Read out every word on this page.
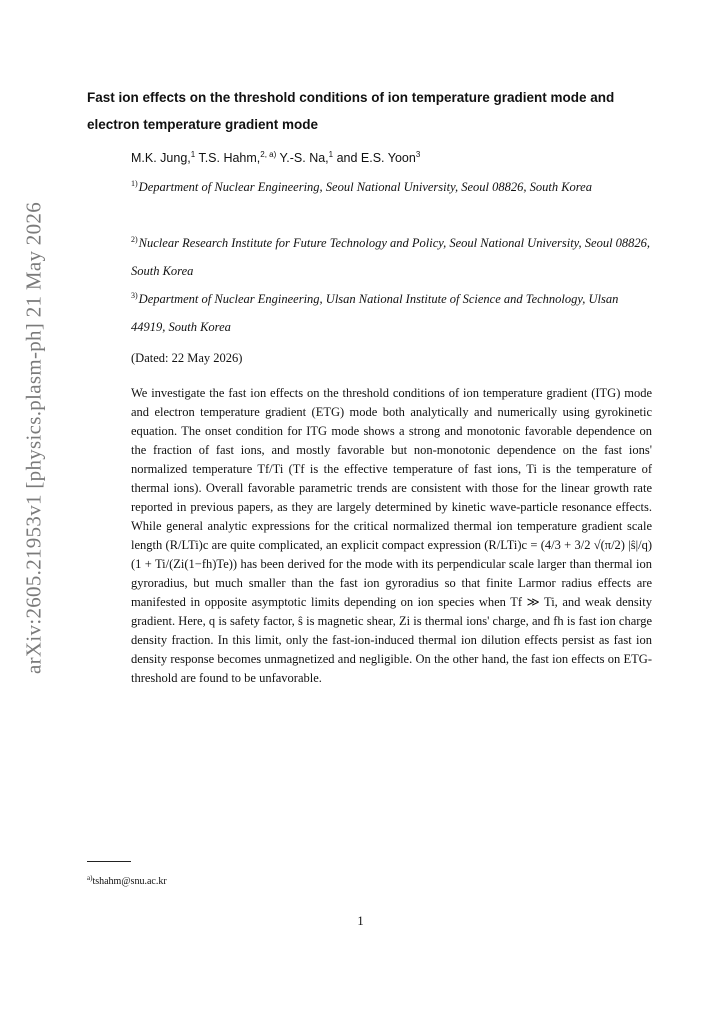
arXiv:2605.21953v1 [physics.plasm-ph] 21 May 2026
Fast ion effects on the threshold conditions of ion temperature gradient mode and electron temperature gradient mode
M.K. Jung,$^1$ T.S. Hahm,$^{2, a)}$ Y.-S. Na,$^1$ and E.S. Yoon$^3$
$^{1)}$Department of Nuclear Engineering, Seoul National University, Seoul 08826, South Korea
$^{2)}$Nuclear Research Institute for Future Technology and Policy, Seoul National University, Seoul 08826, South Korea
$^{3)}$Department of Nuclear Engineering, Ulsan National Institute of Science and Technology, Ulsan 44919, South Korea
(Dated: 22 May 2026)
We investigate the fast ion effects on the threshold conditions of ion temperature gradient (ITG) mode and electron temperature gradient (ETG) mode both analytically and numerically using gyrokinetic equation. The onset condition for ITG mode shows a strong and monotonic favorable dependence on the fraction of fast ions, and mostly favorable but non-monotonic dependence on the fast ions' normalized temperature Tf/Ti (Tf is the effective temperature of fast ions, Ti is the temperature of thermal ions). Overall favorable parametric trends are consistent with those for the linear growth rate reported in previous papers, as they are largely determined by kinetic wave-particle resonance effects. While general analytic expressions for the critical normalized thermal ion temperature gradient scale length (R/LTi)c are quite complicated, an explicit compact expression (R/LTi)c = (4/3 + 3/2 √(π/2) |ŝ|/q)(1 + Ti/(Zi(1−fh)Te)) has been derived for the mode with its perpendicular scale larger than thermal ion gyroradius, but much smaller than the fast ion gyroradius so that finite Larmor radius effects are manifested in opposite asymptotic limits depending on ion species when Tf ≫ Ti, and weak density gradient. Here, q is safety factor, ŝ is magnetic shear, Zi is thermal ions' charge, and fh is fast ion charge density fraction. In this limit, only the fast-ion-induced thermal ion dilution effects persist as fast ion density response becomes unmagnetized and negligible. On the other hand, the fast ion effects on ETG-threshold are found to be unfavorable.
$^{a)}$tshahm@snu.ac.kr
1
